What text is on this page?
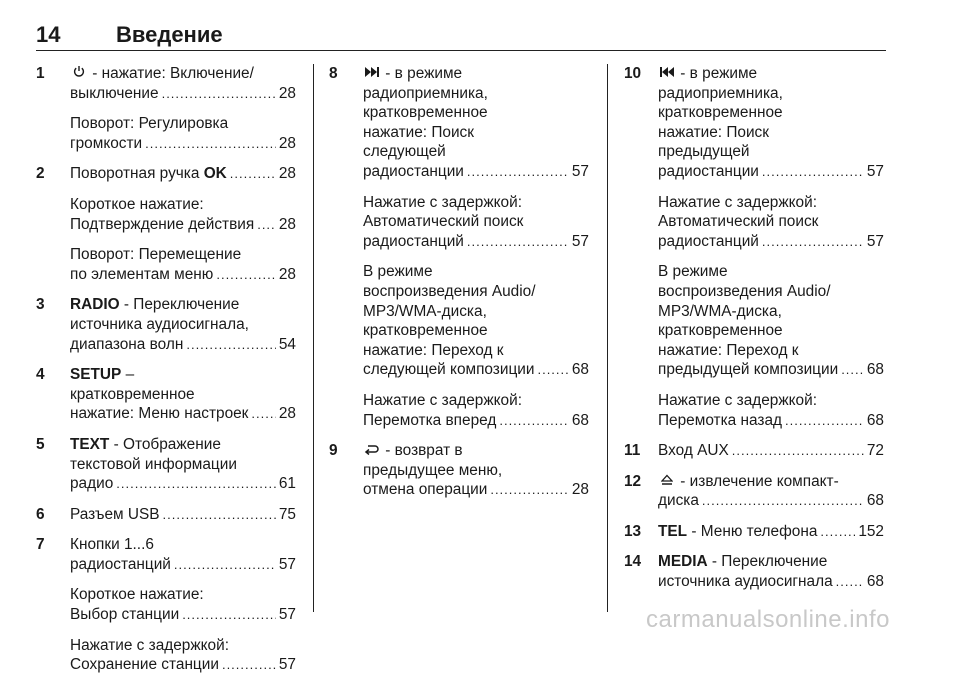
14	Введение
1	- нажатие: Включение/
выключение .....	28
Поворот: Регулировка
громкости .....	28
2 Поворотная ручка OK .....	28
Короткое нажатие:
Подтверждение действия ..... 28
Поворот: Перемещение
по элементам меню .....	28
3 RADIO - Переключение
источника аудиосигнала,
диапазона волн .....	54
4 SETUP –
кратковременное
нажатие: Меню настроек ..... 28
5 TEXT - Отображение
текстовой информации
радио .....	61
6 Разъем USB .....	75
7 Кнопки 1...6
радиостанций .....	57
Короткое нажатие:
Выбор станции .....	57
Нажатие с задержкой:
Сохранение станции .....	57
8	- в режиме
радиоприемника,
кратковременное
нажатие: Поиск
следующей
радиостанции .....	57
Нажатие с задержкой:
Автоматический поиск
радиостанций .....	57
В режиме
воспроизведения Audio/
MP3/WMA-диска,
кратковременное
нажатие: Переход к
следующей композиции ..... 68
Нажатие с задержкой:
Перемотка вперед .....	68
9	- возврат в
предыдущее меню,
отмена операции .....	28
10	- в режиме
радиоприемника,
кратковременное
нажатие: Поиск
предыдущей
радиостанции .....	57
Нажатие с задержкой:
Автоматический поиск
радиостанций .....	57
В режиме
воспроизведения Audio/
MP3/WMA-диска,
кратковременное
нажатие: Переход к
предыдущей композиции ..... 68
Нажатие с задержкой:
Перемотка назад .....	68
11 Вход AUX .....	72
12	- извлечение компакт-
диска .....	68
13 TEL - Меню телефона .....	152
14 MEDIA - Переключение
источника аудиосигнала ..... 68
carmanualsonline.info
